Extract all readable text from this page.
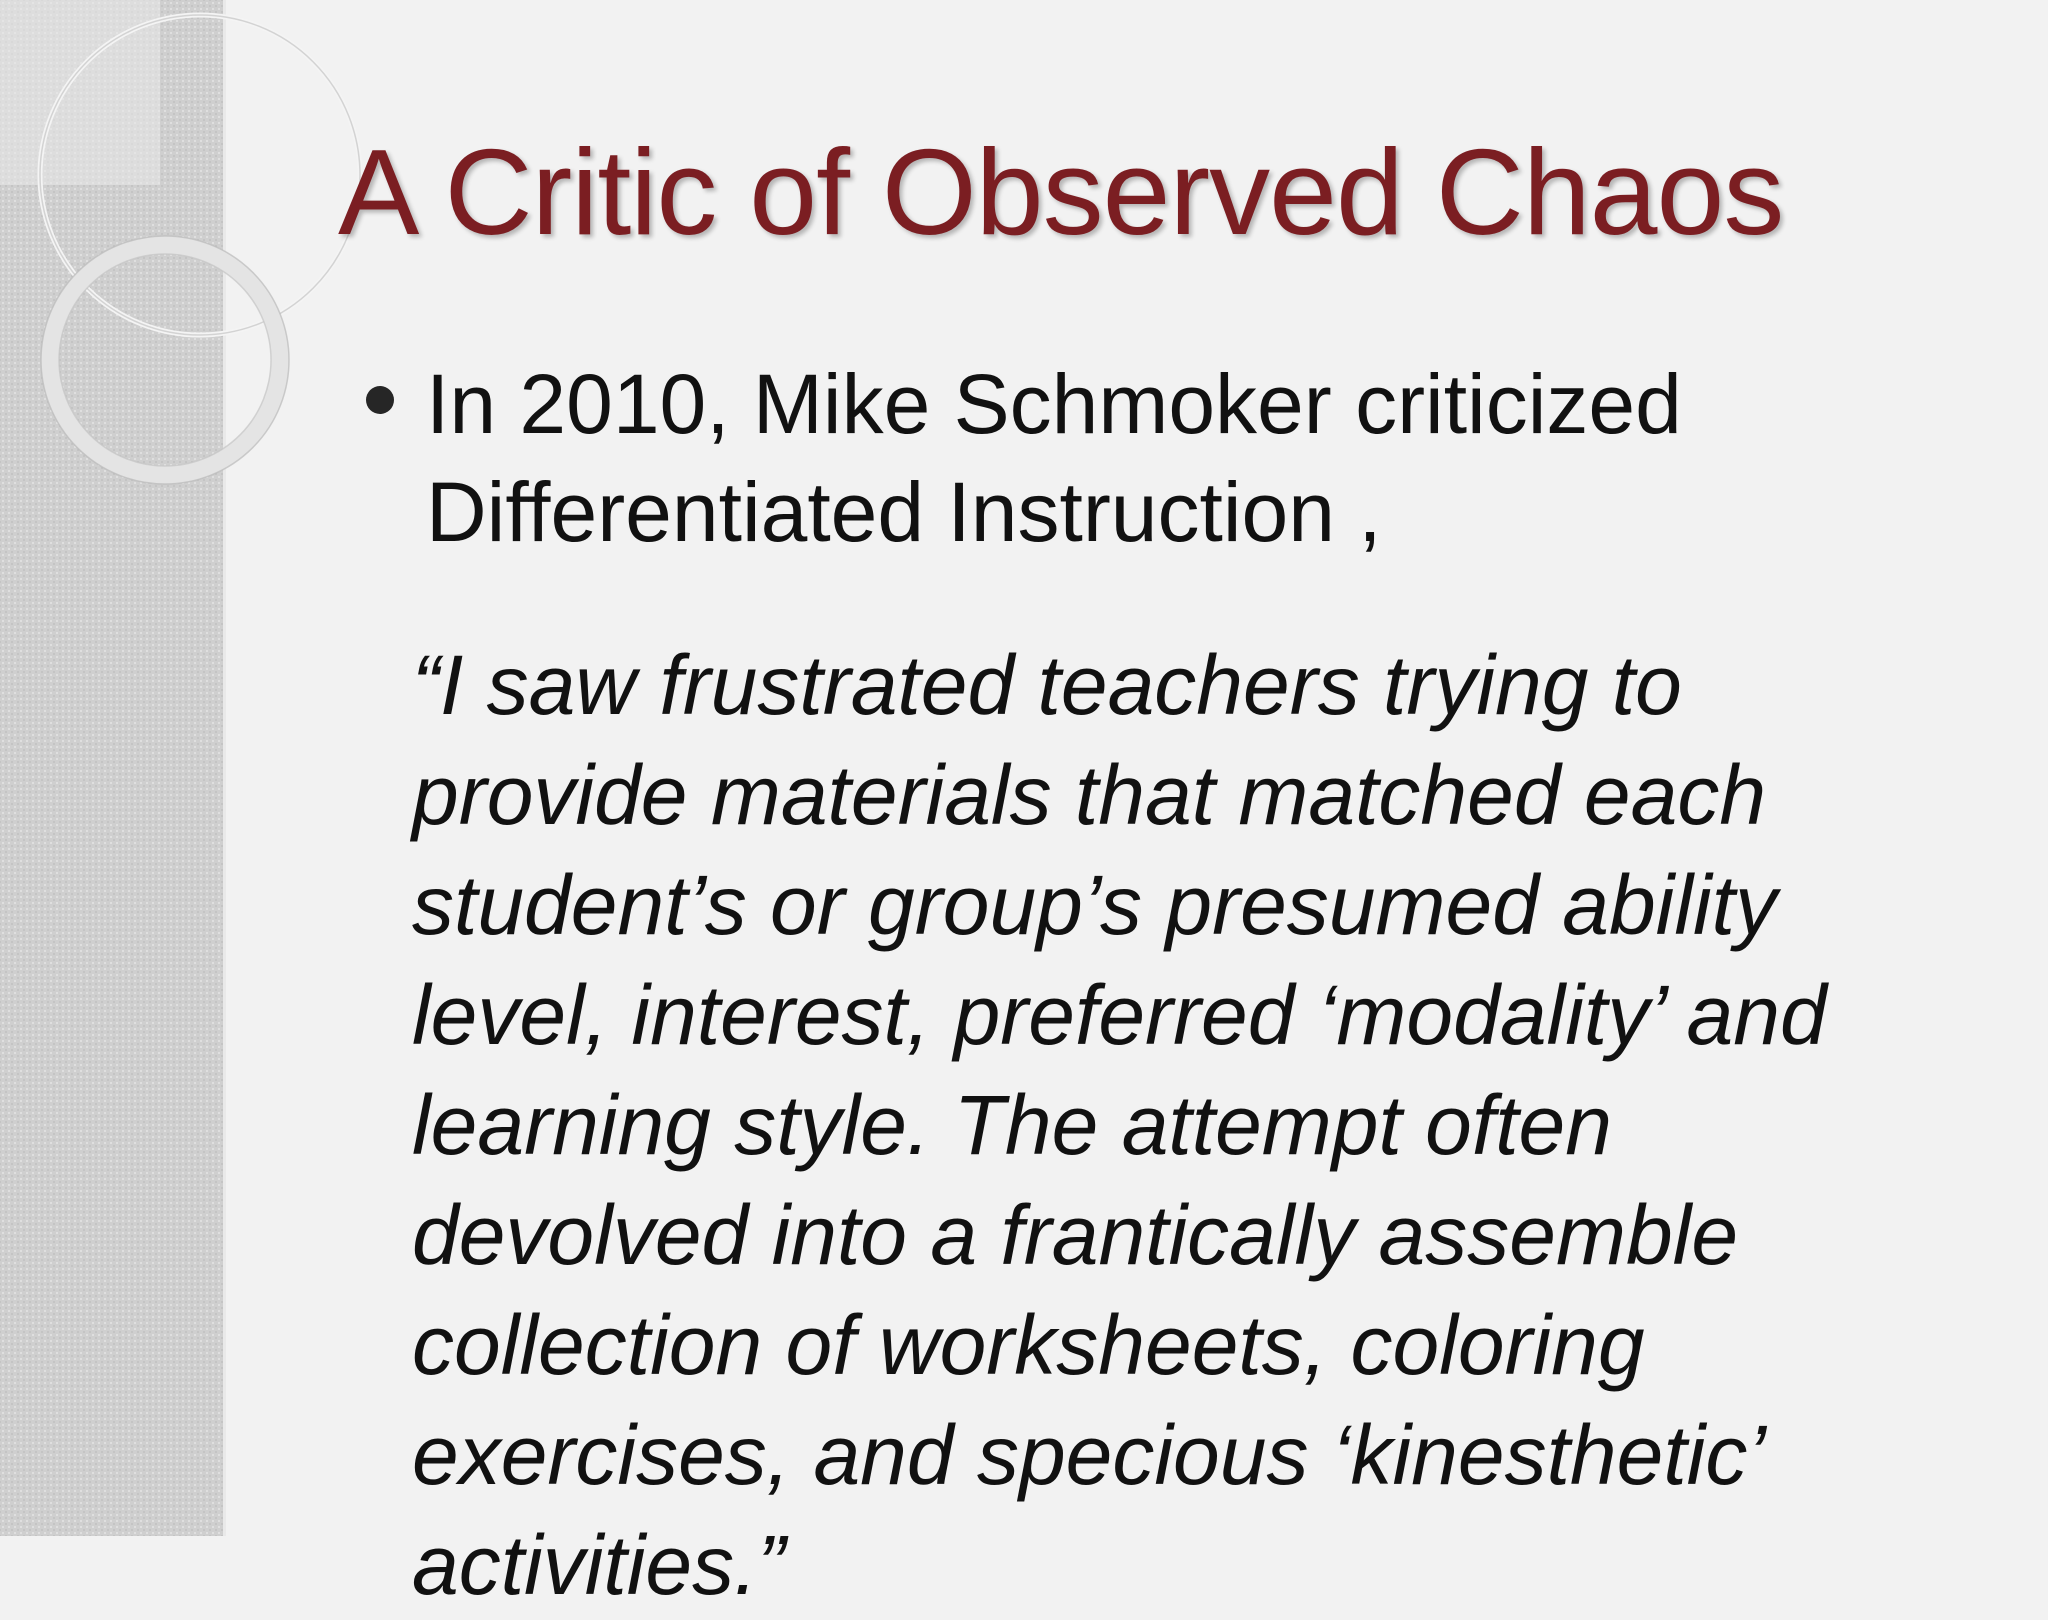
A Critic of Observed Chaos

In 2010, Mike Schmoker criticized Differentiated Instruction ,

“I saw frustrated teachers trying to
provide materials that matched each
student’s or group’s presumed ability
level, interest, preferred ‘modality’ and
learning style. The attempt often
devolved into a frantically assemble
collection of worksheets, coloring
exercises, and specious ‘kinesthetic’
activities.”
